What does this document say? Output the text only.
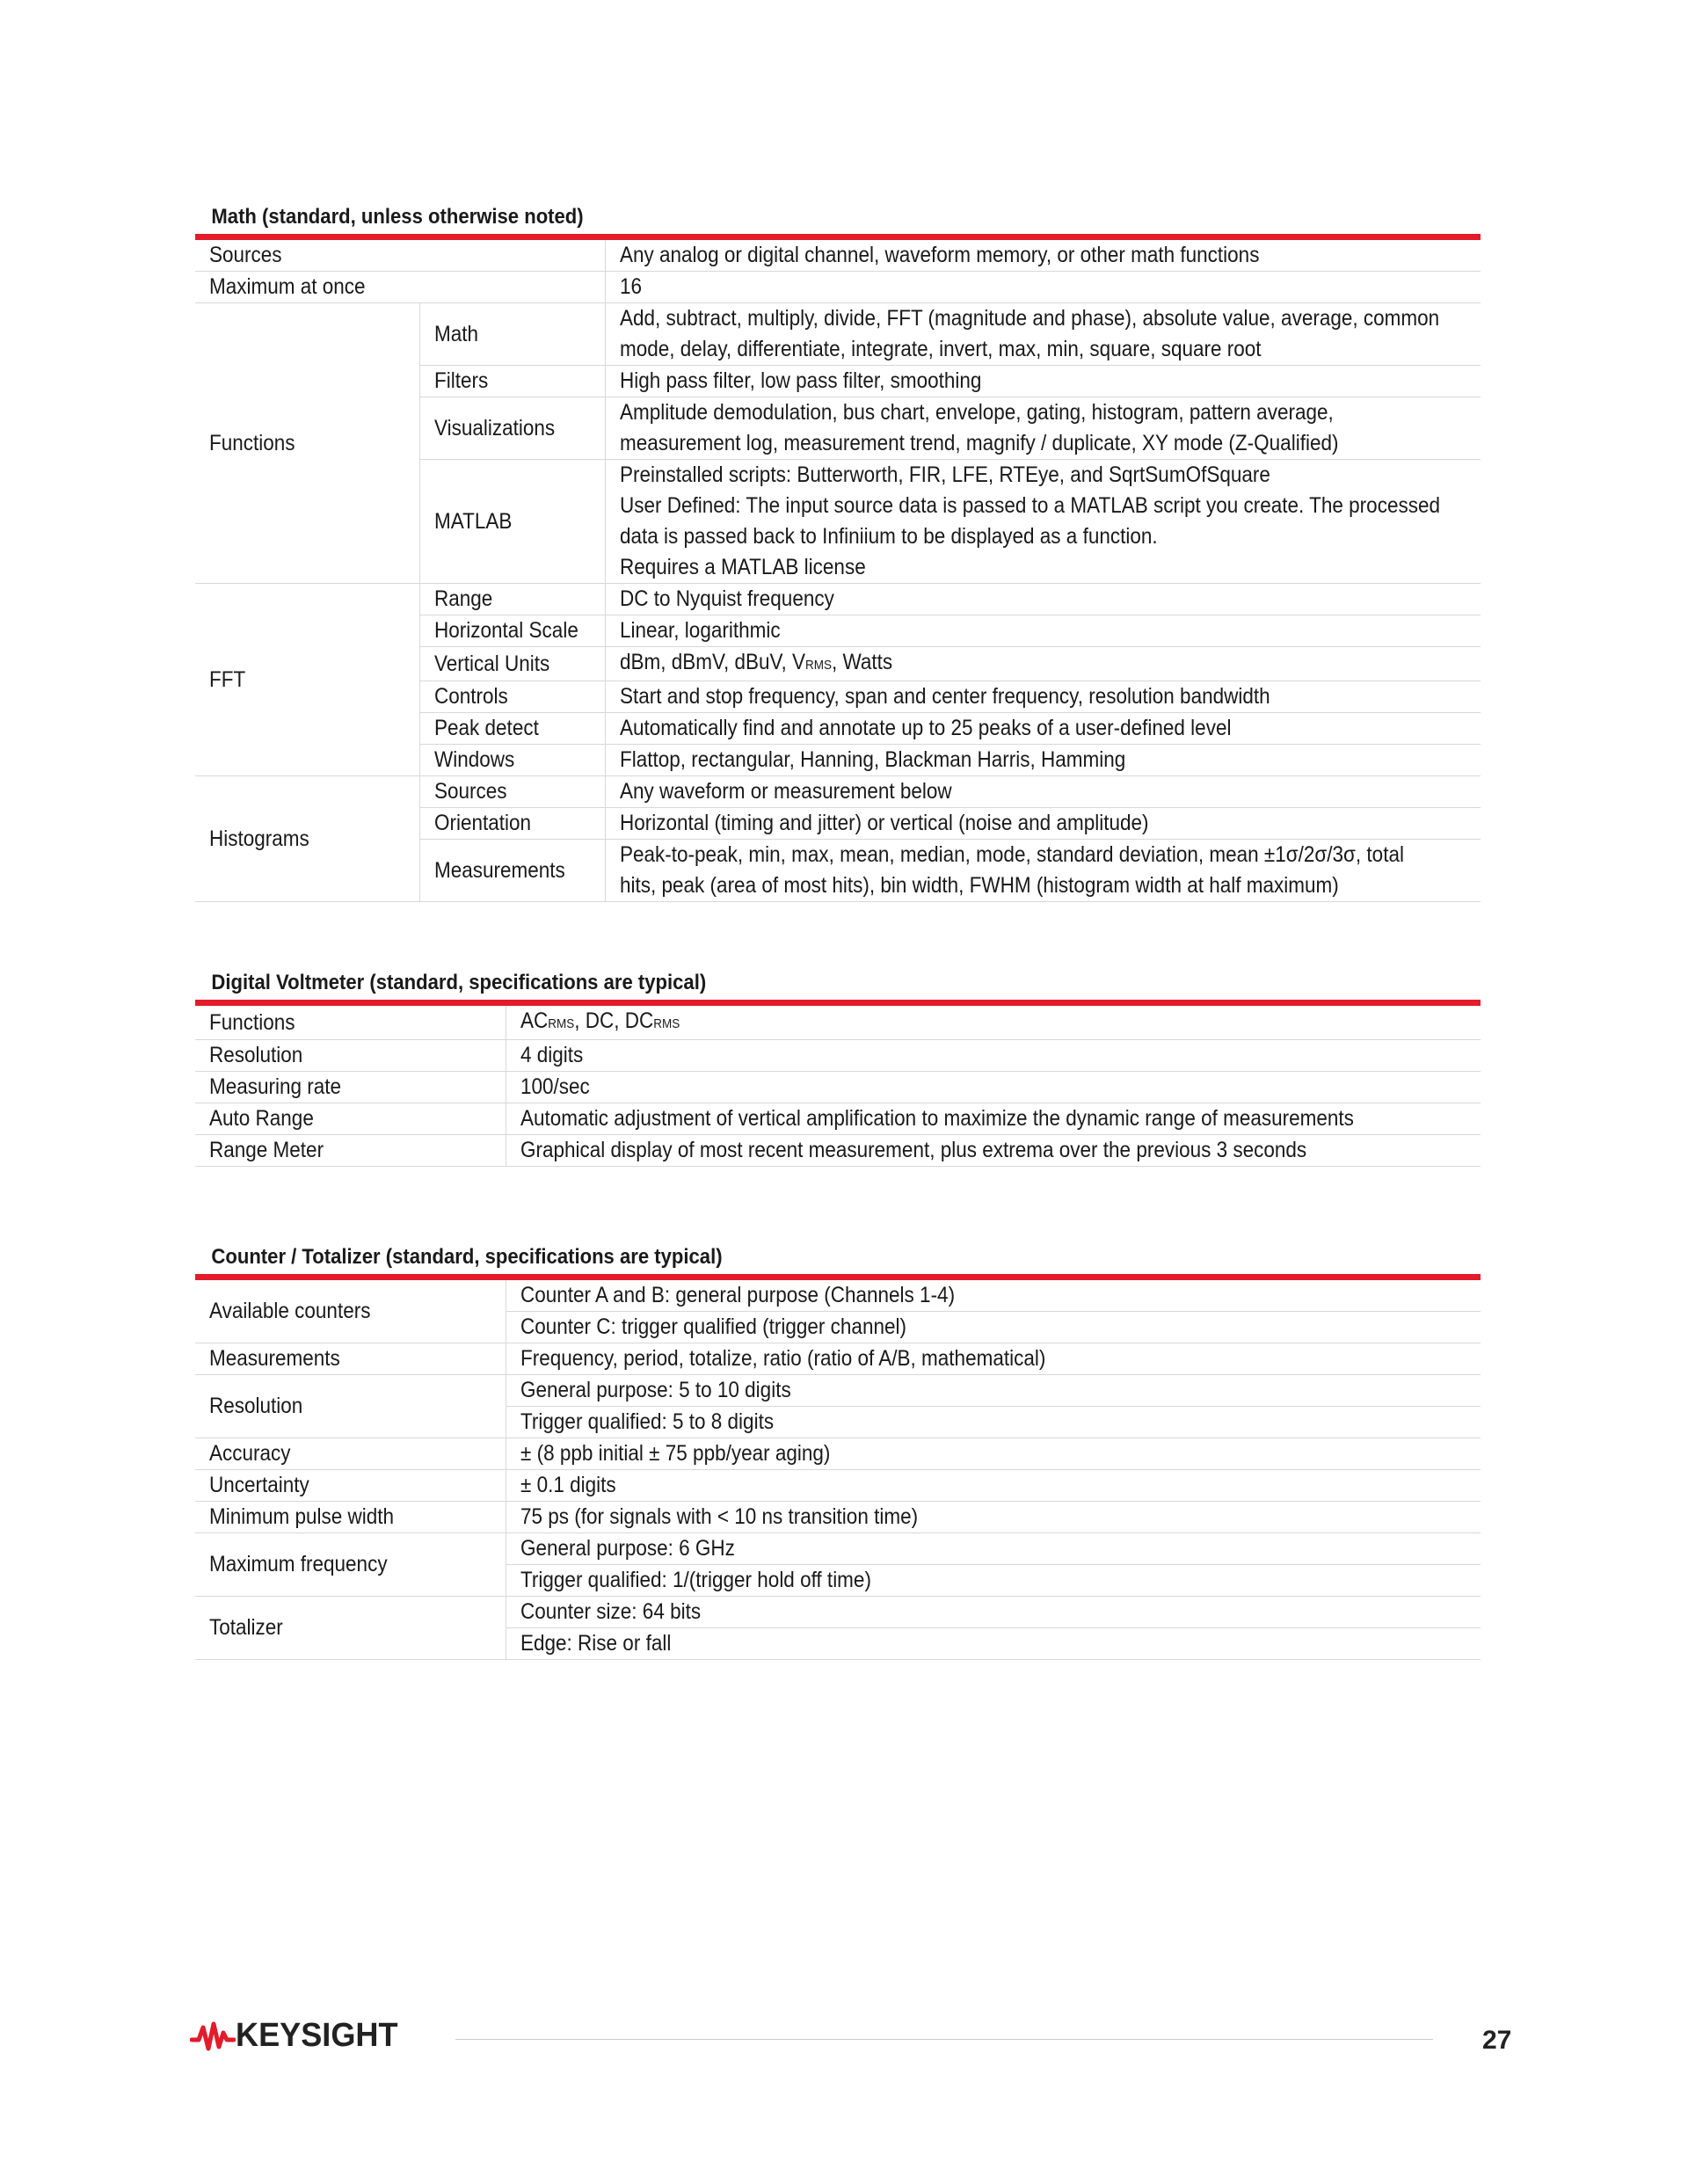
Math (standard, unless otherwise noted)
Sources		Any analog or digital channel, waveform memory, or other math functions
Maximum at once		16
Functions	Math	Add, subtract, multiply, divide, FFT (magnitude and phase), absolute value, average, common
mode, delay, differentiate, integrate, invert, max, min, square, square root
	Filters	High pass filter, low pass filter, smoothing
	Visualizations	Amplitude demodulation, bus chart, envelope, gating, histogram, pattern average,
measurement log, measurement trend, magnify / duplicate, XY mode (Z-Qualified)
	MATLAB	Preinstalled scripts: Butterworth, FIR, LFE, RTEye, and SqrtSumOfSquare
User Defined: The input source data is passed to a MATLAB script you create. The processed
data is passed back to Infiniium to be displayed as a function.
Requires a MATLAB license
FFT	Range	DC to Nyquist frequency
	Horizontal Scale	Linear, logarithmic
	Vertical Units	dBm, dBmV, dBuV, VRMS, Watts
	Controls	Start and stop frequency, span and center frequency, resolution bandwidth
	Peak detect	Automatically find and annotate up to 25 peaks of a user-defined level
	Windows	Flattop, rectangular, Hanning, Blackman Harris, Hamming
Histograms	Sources	Any waveform or measurement below
	Orientation	Horizontal (timing and jitter) or vertical (noise and amplitude)
	Measurements	Peak-to-peak, min, max, mean, median, mode, standard deviation, mean ±1σ/2σ/3σ, total
hits, peak (area of most hits), bin width, FWHM (histogram width at half maximum)
Digital Voltmeter (standard, specifications are typical)
Functions	ACRMS, DC, DCRMS
Resolution	4 digits
Measuring rate	100/sec
Auto Range	Automatic adjustment of vertical amplification to maximize the dynamic range of measurements
Range Meter	Graphical display of most recent measurement, plus extrema over the previous 3 seconds
Counter / Totalizer (standard, specifications are typical)
Available counters	Counter A and B: general purpose (Channels 1-4)
	Counter C: trigger qualified (trigger channel)
Measurements	Frequency, period, totalize, ratio (ratio of A/B, mathematical)
Resolution	General purpose: 5 to 10 digits
	Trigger qualified: 5 to 8 digits
Accuracy	± (8 ppb initial ± 75 ppb/year aging)
Uncertainty	± 0.1 digits
Minimum pulse width	75 ps (for signals with < 10 ns transition time)
Maximum frequency	General purpose: 6 GHz
	Trigger qualified: 1/(trigger hold off time)
Totalizer	Counter size: 64 bits
	Edge: Rise or fall
KEYSIGHT	27
